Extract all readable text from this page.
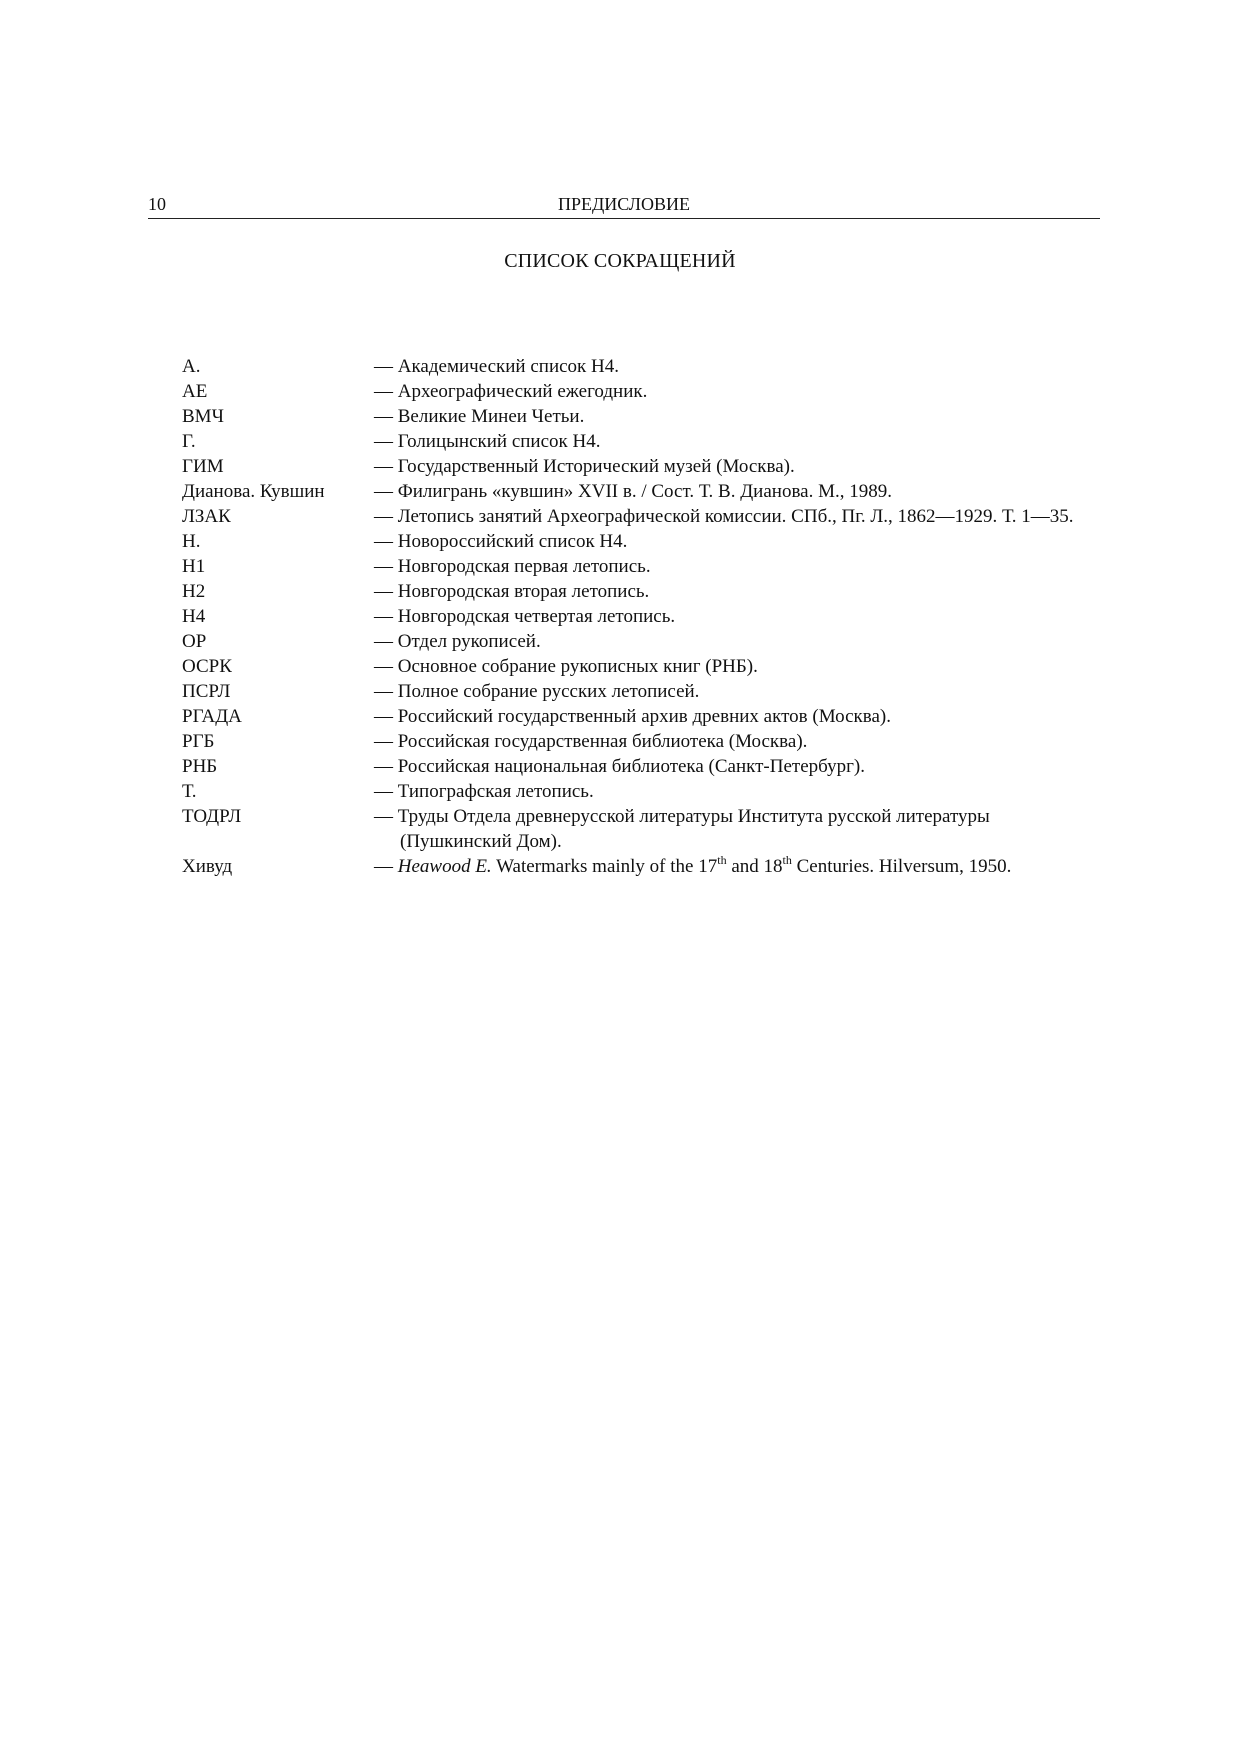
10	ПРЕДИСЛОВИЕ
СПИСОК СОКРАЩЕНИЙ
А.	— Академический список Н4.
АЕ	— Археографический ежегодник.
ВМЧ	— Великие Минеи Четьи.
Г.	— Голицынский список Н4.
ГИМ	— Государственный Исторический музей (Москва).
Дианова. Кувшин	— Филигрань «кувшин» XVII в. / Сост. Т. В. Дианова. М., 1989.
ЛЗАК	— Летопись занятий Археографической комиссии. СПб., Пг. Л., 1862—1929. Т. 1—35.
Н.	— Новороссийский список Н4.
Н1	— Новгородская первая летопись.
Н2	— Новгородская вторая летопись.
Н4	— Новгородская четвертая летопись.
ОР	— Отдел рукописей.
ОСРК	— Основное собрание рукописных книг (РНБ).
ПСРЛ	— Полное собрание русских летописей.
РГАДА	— Российский государственный архив древних актов (Москва).
РГБ	— Российская государственная библиотека (Москва).
РНБ	— Российская национальная библиотека (Санкт-Петербург).
Т.	— Типографская летопись.
ТОДРЛ	— Труды Отдела древнерусской литературы Института русской литературы (Пушкинский Дом).
Хивуд	— Heawood E. Watermarks mainly of the 17th and 18th Centuries. Hilversum, 1950.
